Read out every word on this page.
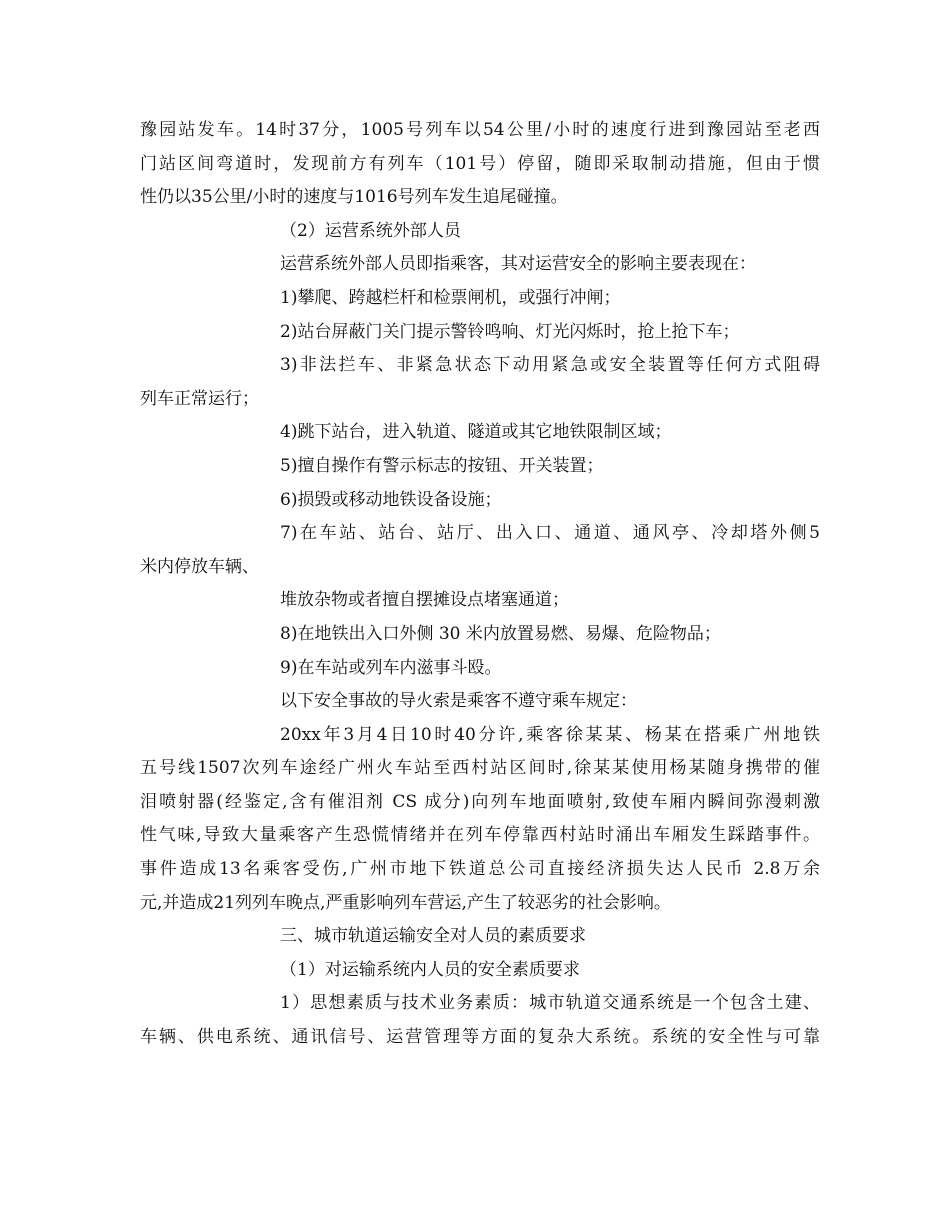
豫园站发车。14时37分，1005号列车以54公里/小时的速度行进到豫园站至老西
门站区间弯道时，发现前方有列车（101号）停留，随即采取制动措施，但由于惯
性仍以35公里/小时的速度与1016号列车发生追尾碰撞。
（2）运营系统外部人员
运营系统外部人员即指乘客，其对运营安全的影响主要表现在：
1)攀爬、跨越栏杆和检票闸机，或强行冲闸；
2)站台屏蔽门关门提示警铃鸣响、灯光闪烁时，抢上抢下车；
3)非法拦车、非紧急状态下动用紧急或安全装置等任何方式阻碍
列车正常运行；
4)跳下站台，进入轨道、隧道或其它地铁限制区域；
5)擅自操作有警示标志的按钮、开关装置；
6)损毁或移动地铁设备设施；
7)在车站、站台、站厅、出入口、通道、通风亭、冷却塔外侧5
米内停放车辆、
堆放杂物或者擅自摆摊设点堵塞通道；
8)在地铁出入口外侧 30 米内放置易燃、易爆、危险物品；
9)在车站或列车内滋事斗殴。
以下安全事故的导火索是乘客不遵守乘车规定：
20xx年3月4日10时40分许,乘客徐某某、杨某在搭乘广州地铁
五号线1507次列车途经广州火车站至西村站区间时,徐某某使用杨某随身携带的催
泪喷射器(经鉴定,含有催泪剂 CS 成分)向列车地面喷射,致使车厢内瞬间弥漫刺激
性气味,导致大量乘客产生恐慌情绪并在列车停靠西村站时涌出车厢发生踩踏事件。
事件造成13名乘客受伤,广州市地下铁道总公司直接经济损失达人民币 2.8万余
元,并造成21列列车晚点,严重影响列车营运,产生了较恶劣的社会影响。
三、城市轨道运输安全对人员的素质要求
（1）对运输系统内人员的安全素质要求
1）思想素质与技术业务素质：城市轨道交通系统是一个包含土建、
车辆、供电系统、通讯信号、运营管理等方面的复杂大系统。系统的安全性与可靠
